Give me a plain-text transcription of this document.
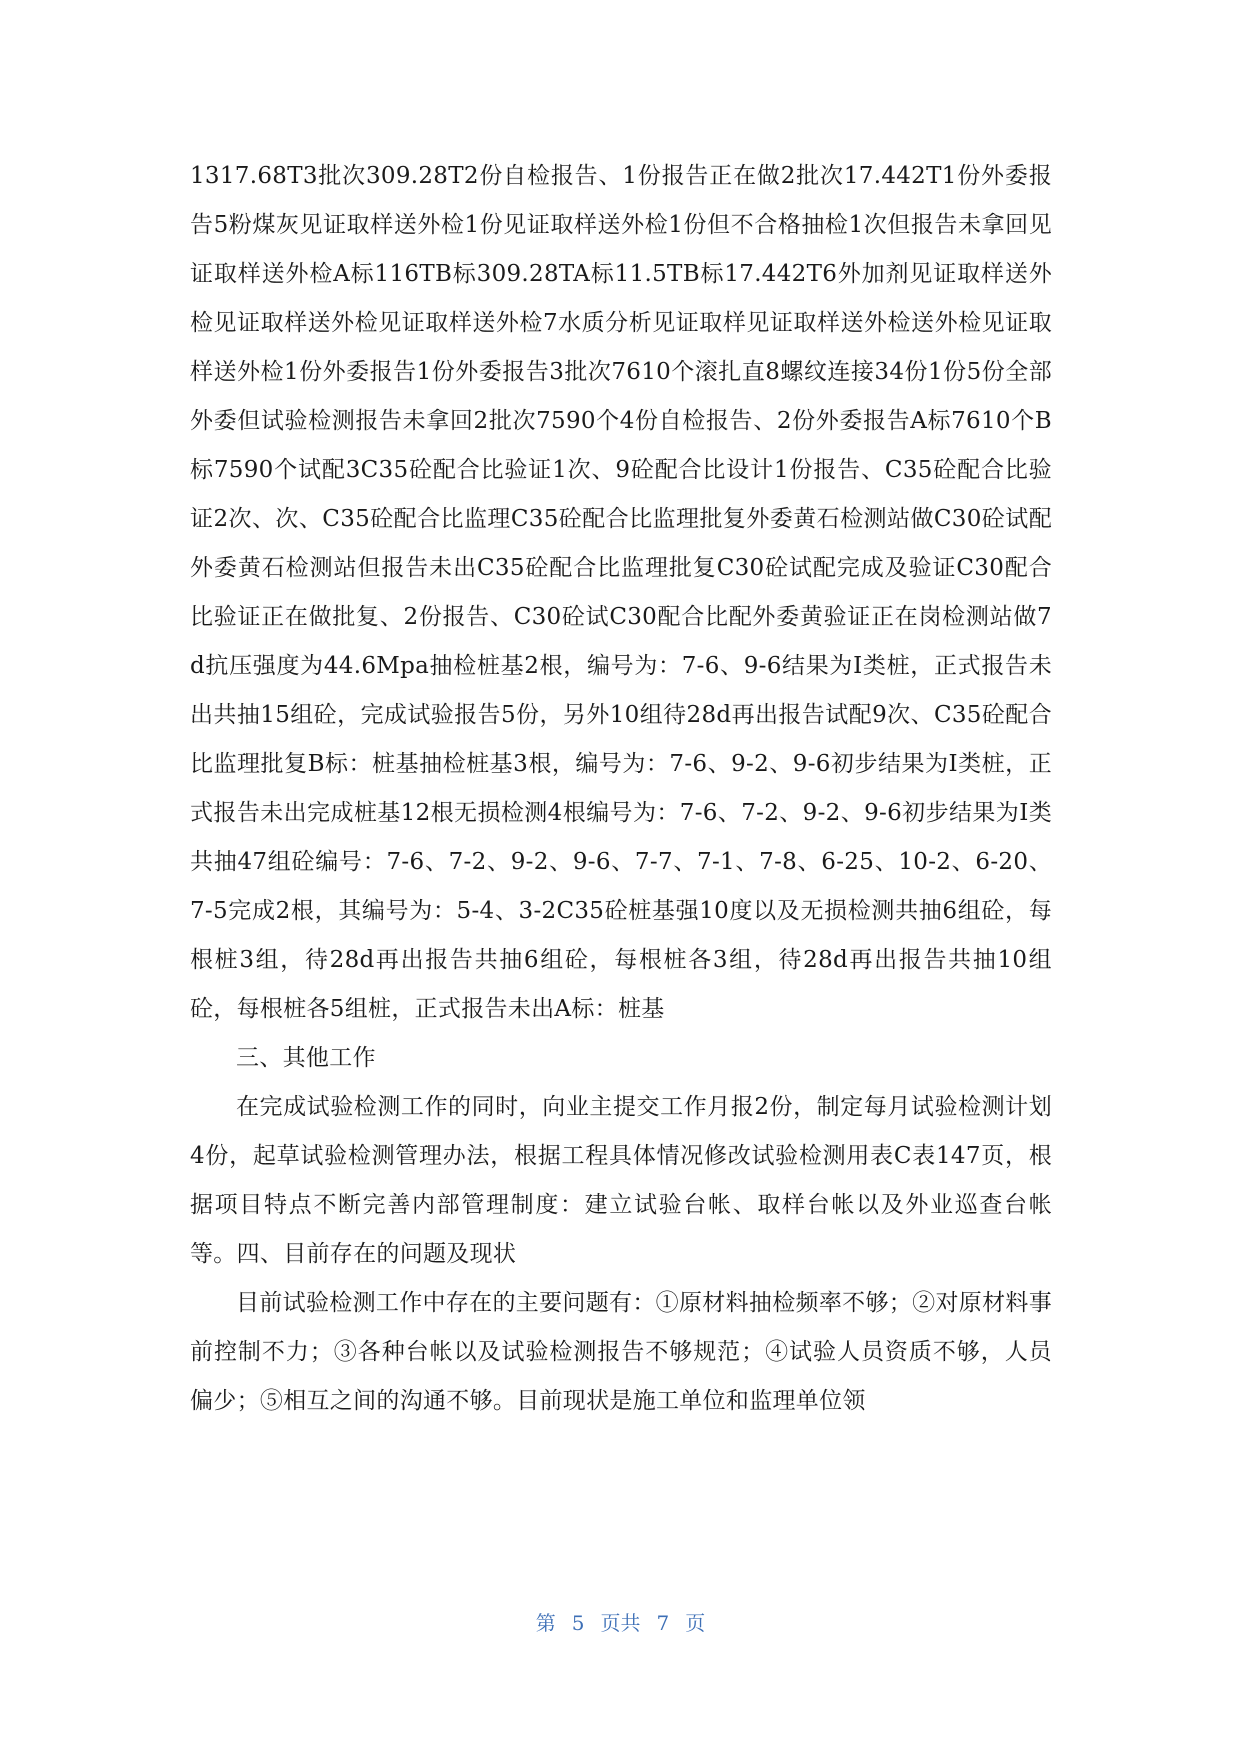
1317.68T3批次309.28T2份自检报告、1份报告正在做2批次17.442T1份外委报告5粉煤灰见证取样送外检1份见证取样送外检1份但不合格抽检1次但报告未拿回见证取样送外检A标116TB标309.28TA标11.5TB标17.442T6外加剂见证取样送外检见证取样送外检见证取样送外检7水质分析见证取样见证取样送外检送外检见证取样送外检1份外委报告1份外委报告3批次7610个滚扎直8螺纹连接34份1份5份全部外委但试验检测报告未拿回2批次7590个4份自检报告、2份外委报告A标7610个B标7590个试配3C35砼配合比验证1次、9砼配合比设计1份报告、C35砼配合比验证2次、次、C35砼配合比监理C35砼配合比监理批复外委黄石检测站做C30砼试配外委黄石检测站但报告未出C35砼配合比监理批复C30砼试配完成及验证C30配合比验证正在做批复、2份报告、C30砼试C30配合比配外委黄验证正在岗检测站做7d抗压强度为44.6Mpa抽检桩基2根，编号为：7-6、9-6结果为Ⅰ类桩，正式报告未出共抽15组砼，完成试验报告5份，另外10组待28d再出报告试配9次、C35砼配合比监理批复B标：桩基抽检桩基3根，编号为：7-6、9-2、9-6初步结果为Ⅰ类桩，正式报告未出完成桩基12根无损检测4根编号为：7-6、7-2、9-2、9-6初步结果为Ⅰ类共抽47组砼编号：7-6、7-2、9-2、9-6、7-7、7-1、7-8、6-25、10-2、6-20、7-5完成2根，其编号为：5-4、3-2C35砼桩基强10度以及无损检测共抽6组砼，每根桩3组，待28d再出报告共抽6组砼，每根桩各3组，待28d再出报告共抽10组砼，每根桩各5组桩，正式报告未出A标：桩基

三、其他工作

在完成试验检测工作的同时，向业主提交工作月报2份，制定每月试验检测计划4份，起草试验检测管理办法，根据工程具体情况修改试验检测用表C表147页，根据项目特点不断完善内部管理制度：建立试验台帐、取样台帐以及外业巡查台帐等。四、目前存在的问题及现状

目前试验检测工作中存在的主要问题有：①原材料抽检频率不够；②对原材料事前控制不力；③各种台帐以及试验检测报告不够规范；④试验人员资质不够，人员偏少；⑤相互之间的沟通不够。目前现状是施工单位和监理单位领

第 5 页共 7 页
